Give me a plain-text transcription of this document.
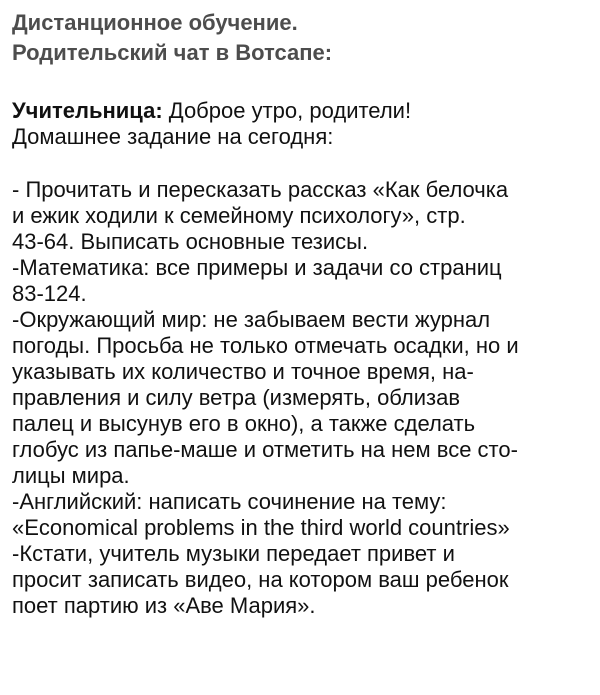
Дистанционное обучение.
Родительский чат в Вотсапе:
Учительница: Доброе утро, родители!
Домашнее задание на сегодня:
- Прочитать и пересказать рассказ «Как белочка
и ежик ходили к семейному психологу», стр.
43-64. Выписать основные тезисы.
-Математика: все примеры и задачи со страниц
83-124.
-Окружающий мир: не забываем вести журнал
погоды. Просьба не только отмечать осадки, но и
указывать их количество и точное время, на-
правления и силу ветра (измерять, облизав
палец и высунув его в окно), а также сделать
глобус из папье-маше и отметить на нем все сто-
лицы мира.
-Английский: написать сочинение на тему:
«Economical problems in the third world countries»
-Кстати, учитель музыки передает привет и
просит записать видео, на котором ваш ребенок
поет партию из «Аве Мария».
